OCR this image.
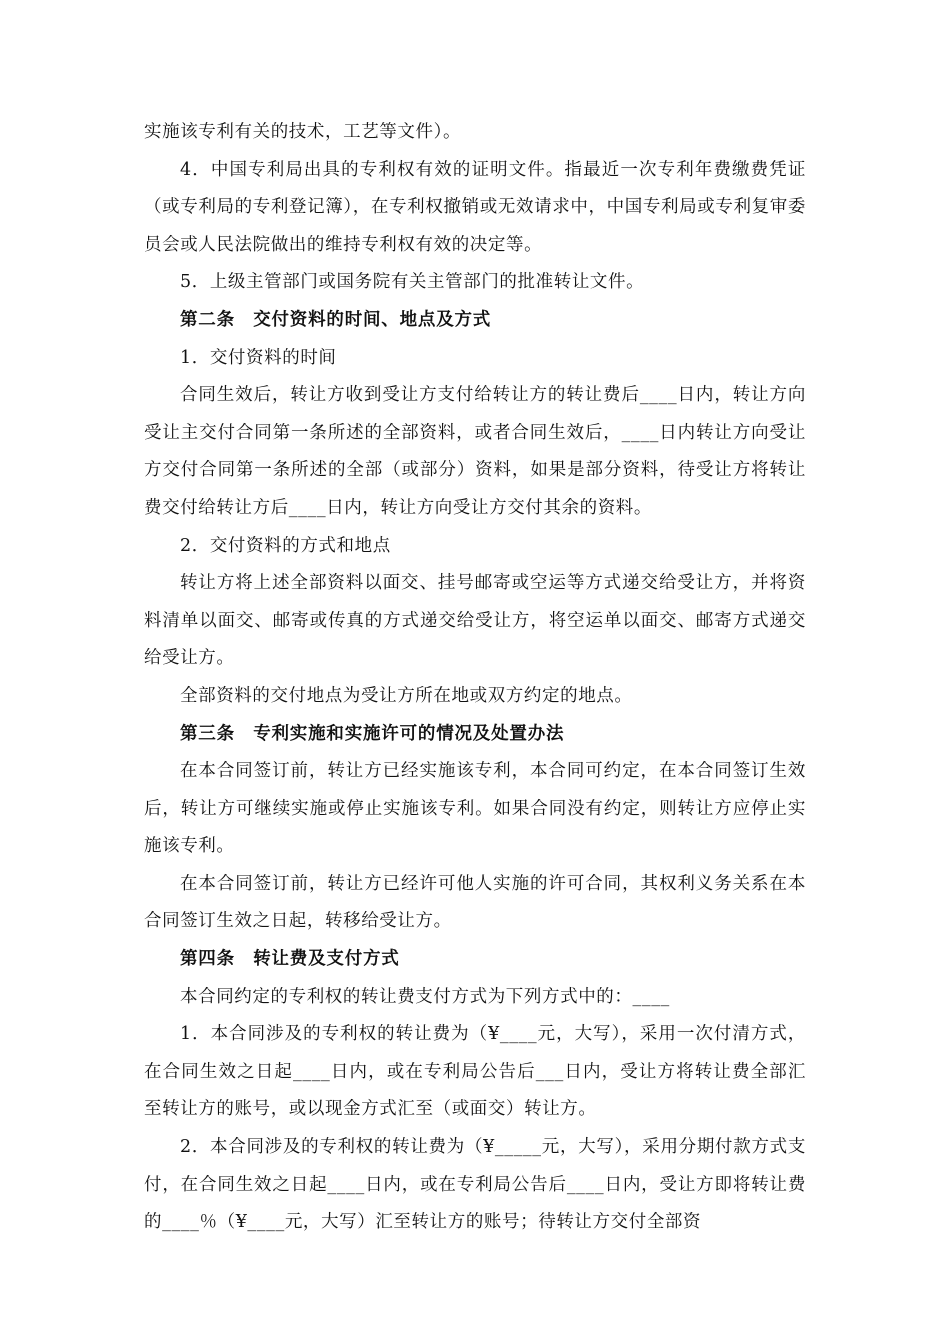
实施该专利有关的技术，工艺等文件）。

4．中国专利局出具的专利权有效的证明文件。指最近一次专利年费缴费凭证（或专利局的专利登记簿），在专利权撤销或无效请求中，中国专利局或专利复审委员会或人民法院做出的维持专利权有效的决定等。

5．上级主管部门或国务院有关主管部门的批准转让文件。

第二条　交付资料的时间、地点及方式

1．交付资料的时间

合同生效后，转让方收到受让方支付给转让方的转让费后____日内，转让方向受让主交付合同第一条所述的全部资料，或者合同生效后，____日内转让方向受让方交付合同第一条所述的全部（或部分）资料，如果是部分资料，待受让方将转让费交付给转让方后____日内，转让方向受让方交付其余的资料。

2．交付资料的方式和地点

转让方将上述全部资料以面交、挂号邮寄或空运等方式递交给受让方，并将资料清单以面交、邮寄或传真的方式递交给受让方，将空运单以面交、邮寄方式递交给受让方。

全部资料的交付地点为受让方所在地或双方约定的地点。

第三条　专利实施和实施许可的情况及处置办法

在本合同签订前，转让方已经实施该专利，本合同可约定，在本合同签订生效后，转让方可继续实施或停止实施该专利。如果合同没有约定，则转让方应停止实施该专利。

在本合同签订前，转让方已经许可他人实施的许可合同，其权利义务关系在本合同签订生效之日起，转移给受让方。

第四条　转让费及支付方式

本合同约定的专利权的转让费支付方式为下列方式中的：____

1．本合同涉及的专利权的转让费为（¥____元，大写），采用一次付清方式，在合同生效之日起____日内，或在专利局公告后___日内，受让方将转让费全部汇至转让方的账号，或以现金方式汇至（或面交）转让方。

2．本合同涉及的专利权的转让费为（¥_____元，大写），采用分期付款方式支付，在合同生效之日起____日内，或在专利局公告后____日内，受让方即将转让费的____％（¥____元，大写）汇至转让方的账号；待转让方交付全部资
